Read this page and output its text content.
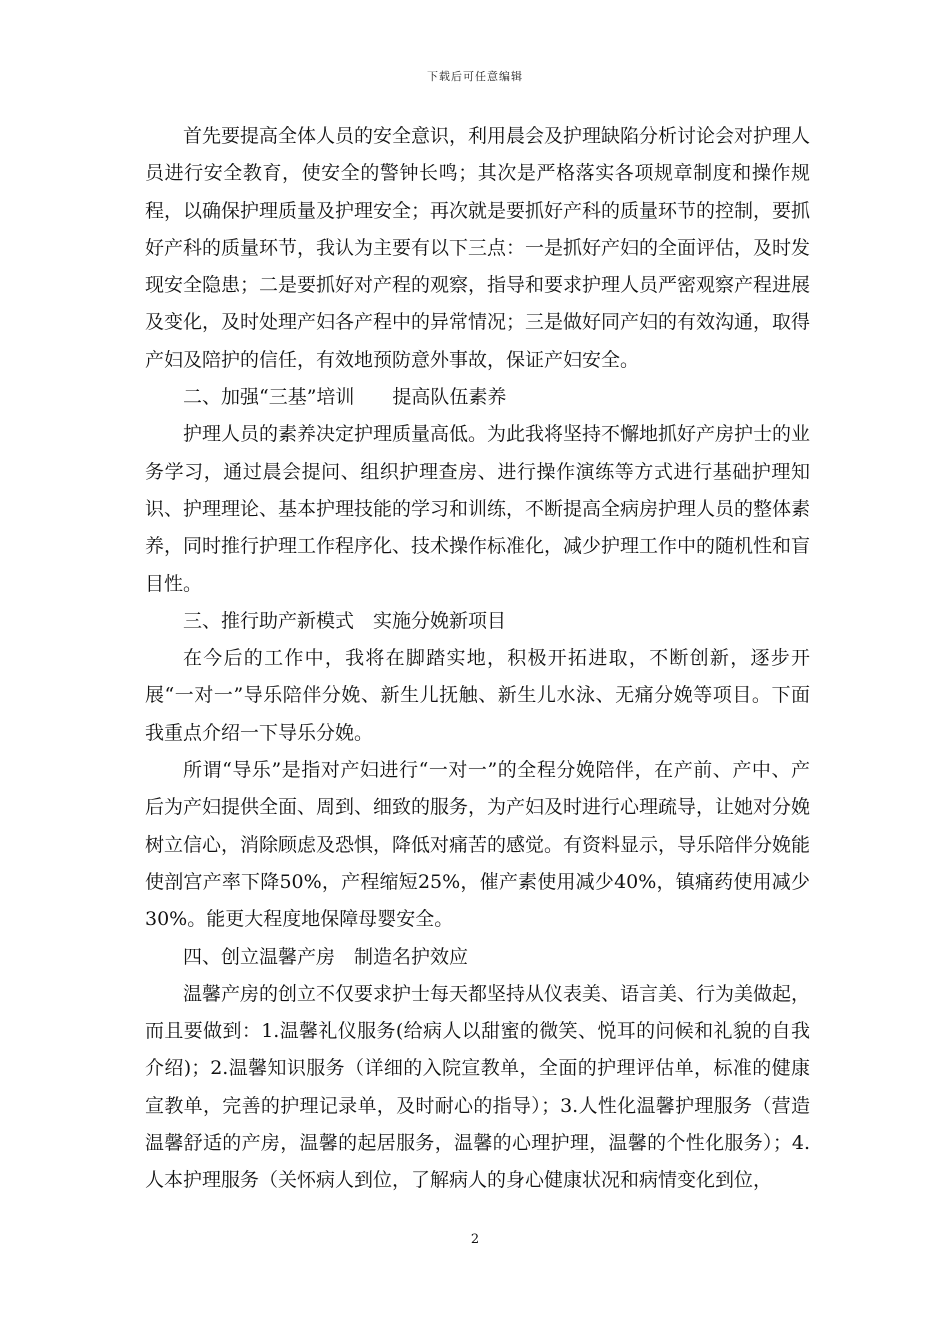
下载后可任意编辑

首先要提高全体人员的安全意识，利用晨会及护理缺陷分析讨论会对护理人员进行安全教育，使安全的警钟长鸣；其次是严格落实各项规章制度和操作规程，以确保护理质量及护理安全；再次就是要抓好产科的质量环节的控制，要抓好产科的质量环节，我认为主要有以下三点：一是抓好产妇的全面评估，及时发现安全隐患；二是要抓好对产程的观察，指导和要求护理人员严密观察产程进展及变化，及时处理产妇各产程中的异常情况；三是做好同产妇的有效沟通，取得产妇及陪护的信任，有效地预防意外事故，保证产妇安全。

二、加强“三基”培训　　提高队伍素养

护理人员的素养决定护理质量高低。为此我将坚持不懈地抓好产房护士的业务学习，通过晨会提问、组织护理查房、进行操作演练等方式进行基础护理知识、护理理论、基本护理技能的学习和训练，不断提高全病房护理人员的整体素养，同时推行护理工作程序化、技术操作标准化，减少护理工作中的随机性和盲目性。

三、推行助产新模式　实施分娩新项目

在今后的工作中，我将在脚踏实地，积极开拓进取，不断创新，逐步开展“一对一”导乐陪伴分娩、新生儿抚触、新生儿水泳、无痛分娩等项目。下面我重点介绍一下导乐分娩。

所谓“导乐”是指对产妇进行“一对一”的全程分娩陪伴，在产前、产中、产后为产妇提供全面、周到、细致的服务，为产妇及时进行心理疏导，让她对分娩树立信心，消除顾虑及恐惧，降低对痛苦的感觉。有资料显示，导乐陪伴分娩能使剖宫产率下降50%，产程缩短25%，催产素使用减少40%，镇痛药使用减少30%。能更大程度地保障母婴安全。

四、创立温馨产房　制造名护效应

温馨产房的创立不仅要求护士每天都坚持从仪表美、语言美、行为美做起，而且要做到：1.温馨礼仪服务(给病人以甜蜜的微笑、悦耳的问候和礼貌的自我介绍)；2.温馨知识服务（详细的入院宣教单，全面的护理评估单，标准的健康宣教单，完善的护理记录单，及时耐心的指导）；3.人性化温馨护理服务（营造温馨舒适的产房，温馨的起居服务，温馨的心理护理，温馨的个性化服务）；4.人本护理服务（关怀病人到位，了解病人的身心健康状况和病情变化到位，

2
